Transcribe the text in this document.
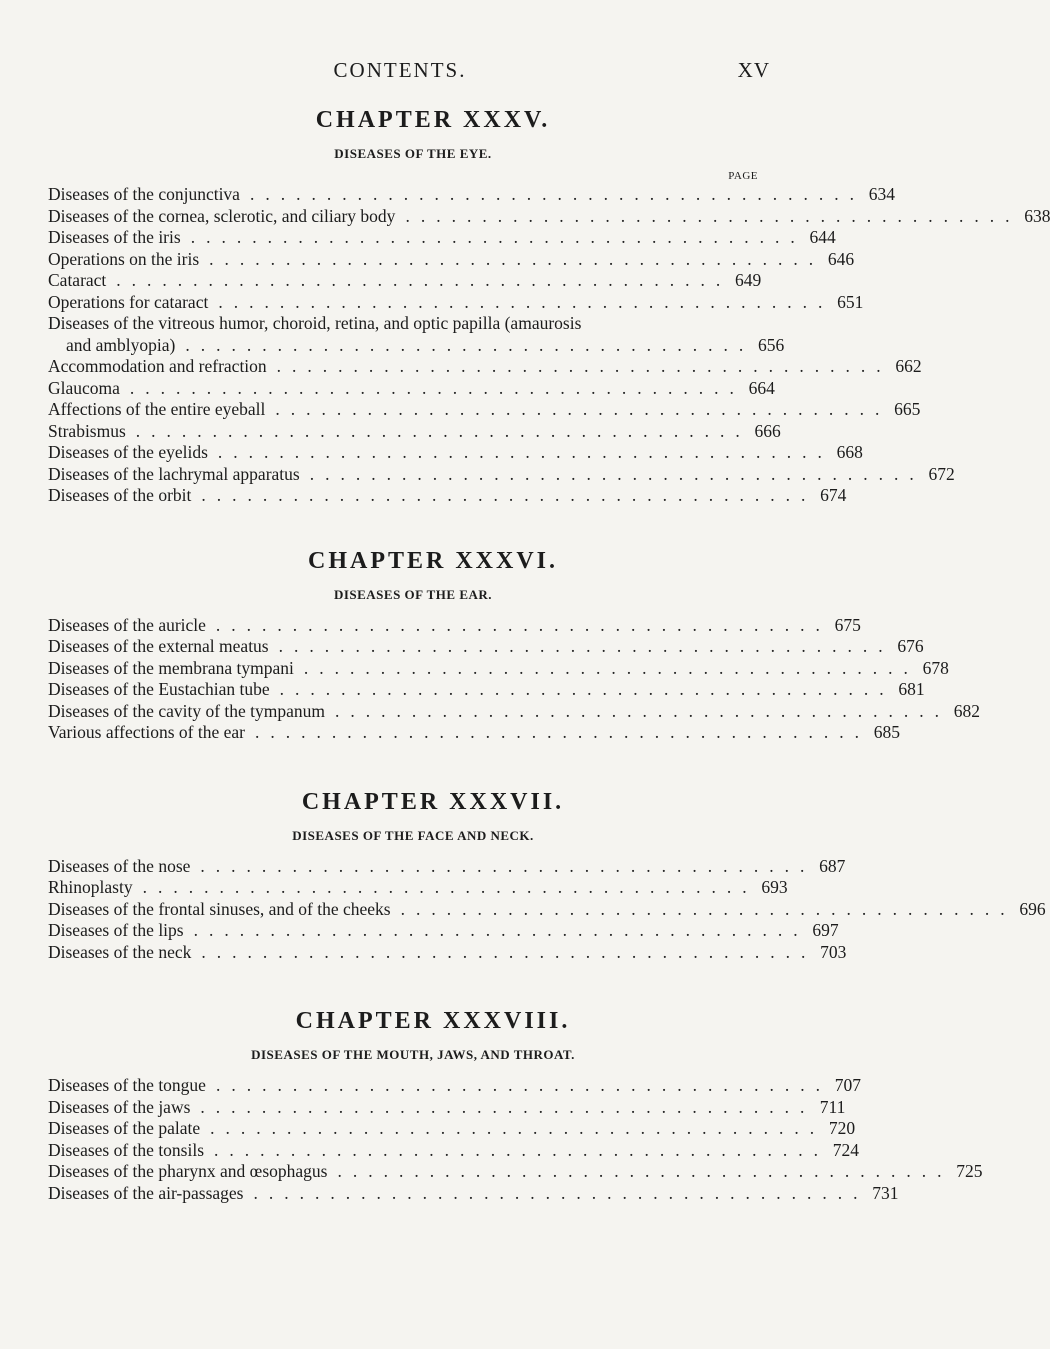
CONTENTS.	XV
CHAPTER XXXV.
DISEASES OF THE EYE.
PAGE
Diseases of the conjunctiva ........................................ 634
Diseases of the cornea, sclerotic, and ciliary body ........................................ 638
Diseases of the iris ........................................ 644
Operations on the iris ........................................ 646
Cataract ........................................ 649
Operations for cataract ........................................ 651
Diseases of the vitreous humor, choroid, retina, and optic papilla (amaurosis
and amblyopia) ..................................... 656
Accommodation and refraction ........................................ 662
Glaucoma ........................................ 664
Affections of the entire eyeball ........................................ 665
Strabismus ........................................ 666
Diseases of the eyelids ........................................ 668
Diseases of the lachrymal apparatus ........................................ 672
Diseases of the orbit ........................................ 674
CHAPTER XXXVI.
DISEASES OF THE EAR.
Diseases of the auricle ........................................ 675
Diseases of the external meatus ........................................ 676
Diseases of the membrana tympani ........................................ 678
Diseases of the Eustachian tube ........................................ 681
Diseases of the cavity of the tympanum ........................................ 682
Various affections of the ear ........................................ 685
CHAPTER XXXVII.
DISEASES OF THE FACE AND NECK.
Diseases of the nose ........................................ 687
Rhinoplasty ........................................ 693
Diseases of the frontal sinuses, and of the cheeks ........................................ 696
Diseases of the lips ........................................ 697
Diseases of the neck ........................................ 703
CHAPTER XXXVIII.
DISEASES OF THE MOUTH, JAWS, AND THROAT.
Diseases of the tongue ........................................ 707
Diseases of the jaws ........................................ 711
Diseases of the palate ........................................ 720
Diseases of the tonsils ........................................ 724
Diseases of the pharynx and œsophagus ........................................ 725
Diseases of the air-passages ........................................ 731
